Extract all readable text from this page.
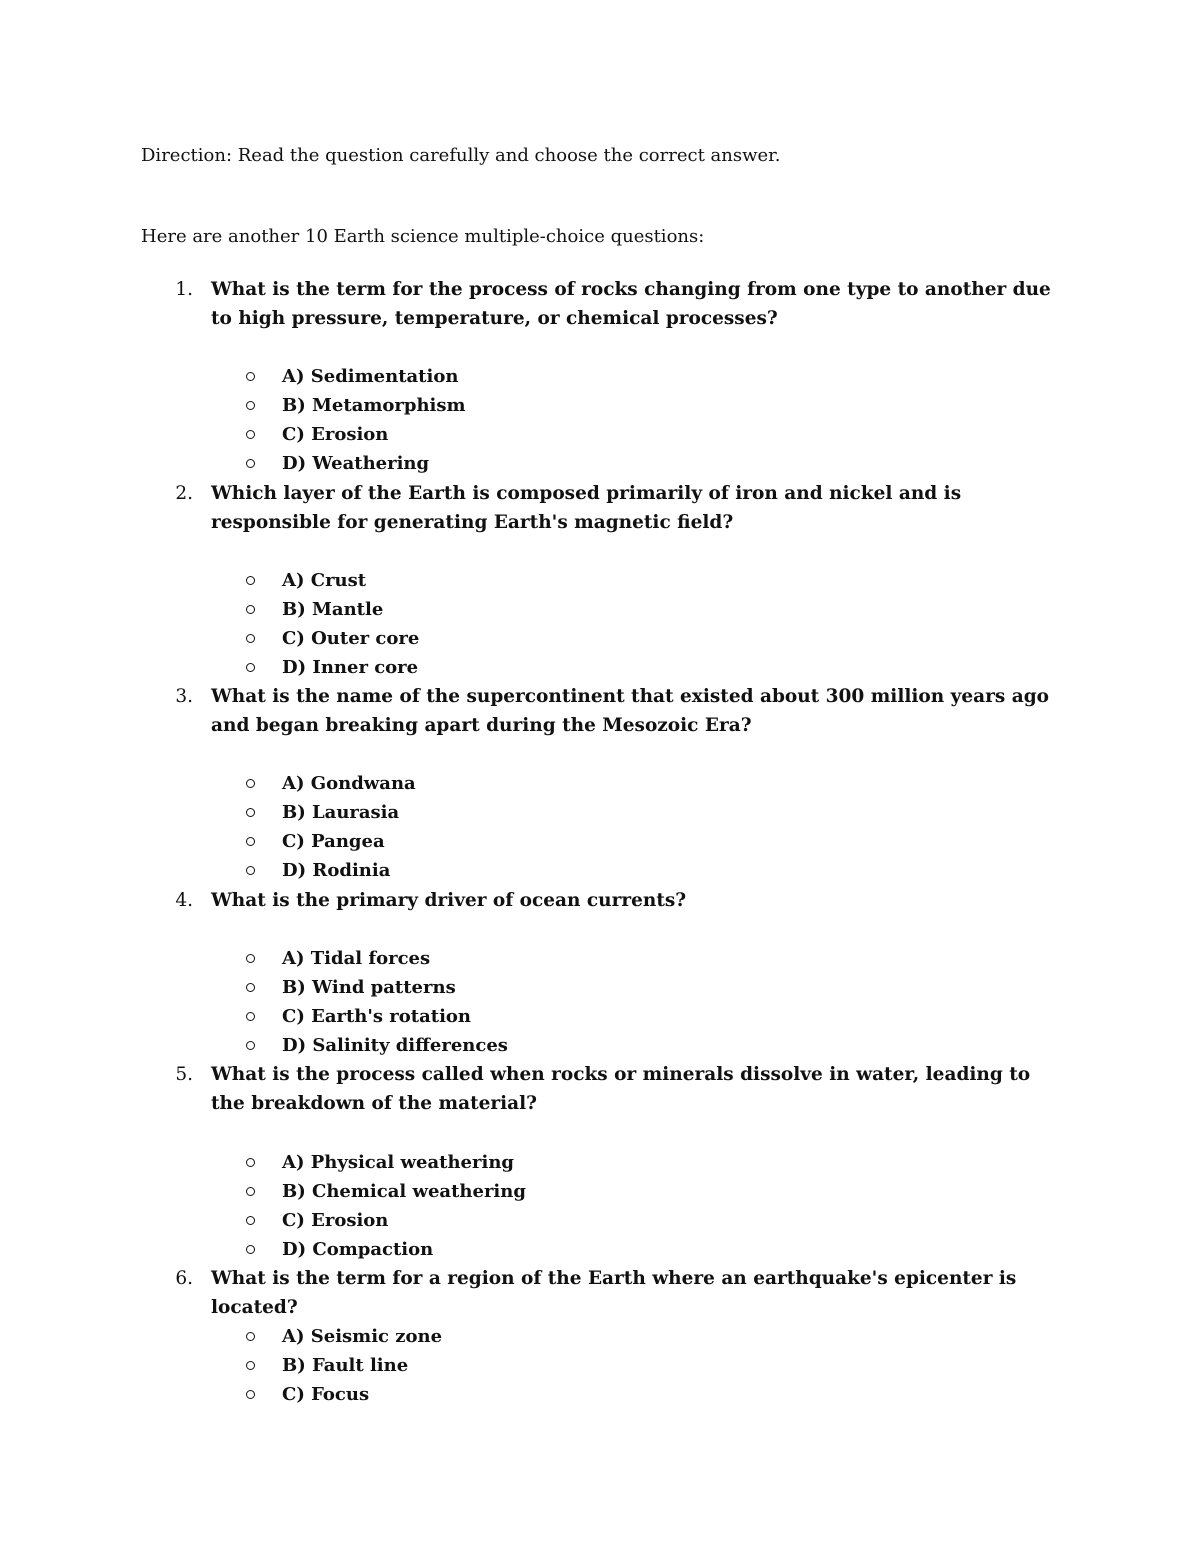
Direction: Read the question carefully and choose the correct answer.
Here are another 10 Earth science multiple-choice questions:
1. What is the term for the process of rocks changing from one type to another due to high pressure, temperature, or chemical processes?
A) Sedimentation
B) Metamorphism
C) Erosion
D) Weathering
2. Which layer of the Earth is composed primarily of iron and nickel and is responsible for generating Earth's magnetic field?
A) Crust
B) Mantle
C) Outer core
D) Inner core
3. What is the name of the supercontinent that existed about 300 million years ago and began breaking apart during the Mesozoic Era?
A) Gondwana
B) Laurasia
C) Pangea
D) Rodinia
4. What is the primary driver of ocean currents?
A) Tidal forces
B) Wind patterns
C) Earth's rotation
D) Salinity differences
5. What is the process called when rocks or minerals dissolve in water, leading to the breakdown of the material?
A) Physical weathering
B) Chemical weathering
C) Erosion
D) Compaction
6. What is the term for a region of the Earth where an earthquake's epicenter is located?
A) Seismic zone
B) Fault line
C) Focus
